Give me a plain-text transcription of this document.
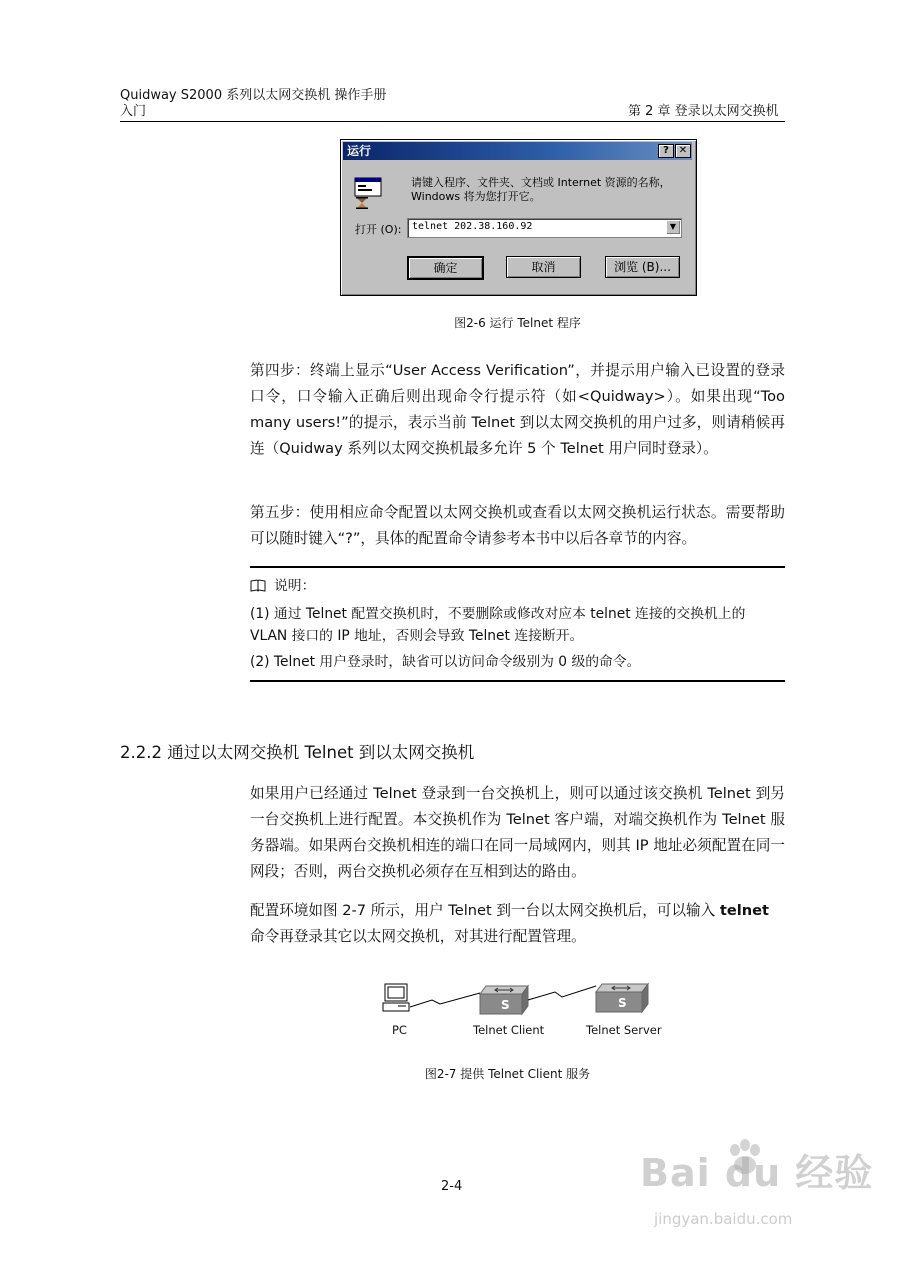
Quidway S2000 系列以太网交换机 操作手册
入门	第 2 章 登录以太网交换机
运行	? ✕
请键入程序、文件夹、文档或 Internet 资源的名称，Windows 将为您打开它。
打开 (O): telnet 202.38.160.92	▼
确定	取消	浏览 (B)...
图2-6 运行 Telnet 程序
第四步：终端上显示“User Access Verification”，并提示用户输入已设置的登录口令，口令输入正确后则出现命令行提示符（如<Quidway>）。如果出现“Too many users!”的提示，表示当前 Telnet 到以太网交换机的用户过多，则请稍候再连（Quidway 系列以太网交换机最多允许 5 个 Telnet 用户同时登录）。
第五步：使用相应命令配置以太网交换机或查看以太网交换机运行状态。需要帮助可以随时键入“?”，具体的配置命令请参考本书中以后各章节的内容。
说明：
(1) 通过 Telnet 配置交换机时，不要删除或修改对应本 telnet 连接的交换机上的 VLAN 接口的 IP 地址，否则会导致 Telnet 连接断开。
(2) Telnet 用户登录时，缺省可以访问命令级别为 0 级的命令。
2.2.2 通过以太网交换机 Telnet 到以太网交换机
如果用户已经通过 Telnet 登录到一台交换机上，则可以通过该交换机 Telnet 到另一台交换机上进行配置。本交换机作为 Telnet 客户端，对端交换机作为 Telnet 服务器端。如果两台交换机相连的端口在同一局域网内，则其 IP 地址必须配置在同一网段；否则，两台交换机必须存在互相到达的路由。
配置环境如图 2-7 所示，用户 Telnet 到一台以太网交换机后，可以输入 telnet
命令再登录其它以太网交换机，对其进行配置管理。
S	S
PC	Telnet Client	Telnet Server
图2-7 提供 Telnet Client 服务
2-4	Bai du 经验
jingyan.baidu.com
